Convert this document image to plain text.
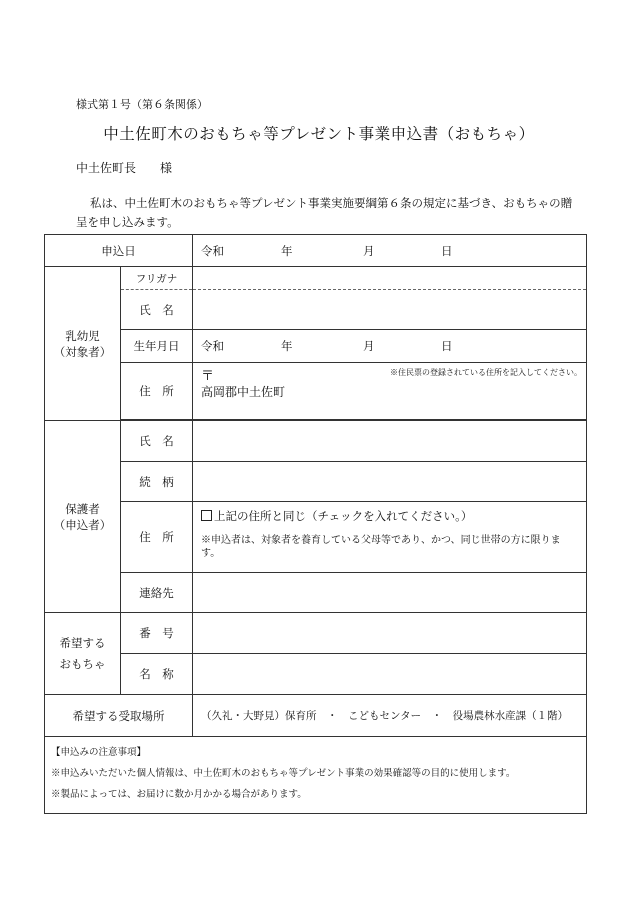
様式第１号（第６条関係）
中土佐町木のおもちゃ等プレゼント事業申込書（おもちゃ）
中土佐町長 様
私は、中土佐町木のおもちゃ等プレゼント事業実施要綱第６条の規定に基づき、おもちゃの贈呈を申し込みます。
申込日		令和 年 月 日

乳幼児
（対象者）	フリガナ	
	氏　名	
	生年月日	令和 年 月 日
	住　所	〒 ※住民票の登録されている住所を記入してください。
高岡郡中土佐町

保護者
（申込者）	氏　名	
	続　柄	
	住　所	上記の住所と同じ（チェックを入れてください。）
※申込者は、対象者を養育している父母等であり、かつ、同じ世帯の方に限ります。

	連絡先	

希望する
おもちゃ	番　号	
	名　称	
希望する受取場所		（久礼・大野見）保育所　・　こどもセンター　・　役場農林水産課（１階）

【申込みの注意事項】
※申込みいただいた個人情報は、中土佐町木のおもちゃ等プレゼント事業の効果確認等の目的に使用します。
※製品によっては、お届けに数か月かかる場合があります。		
